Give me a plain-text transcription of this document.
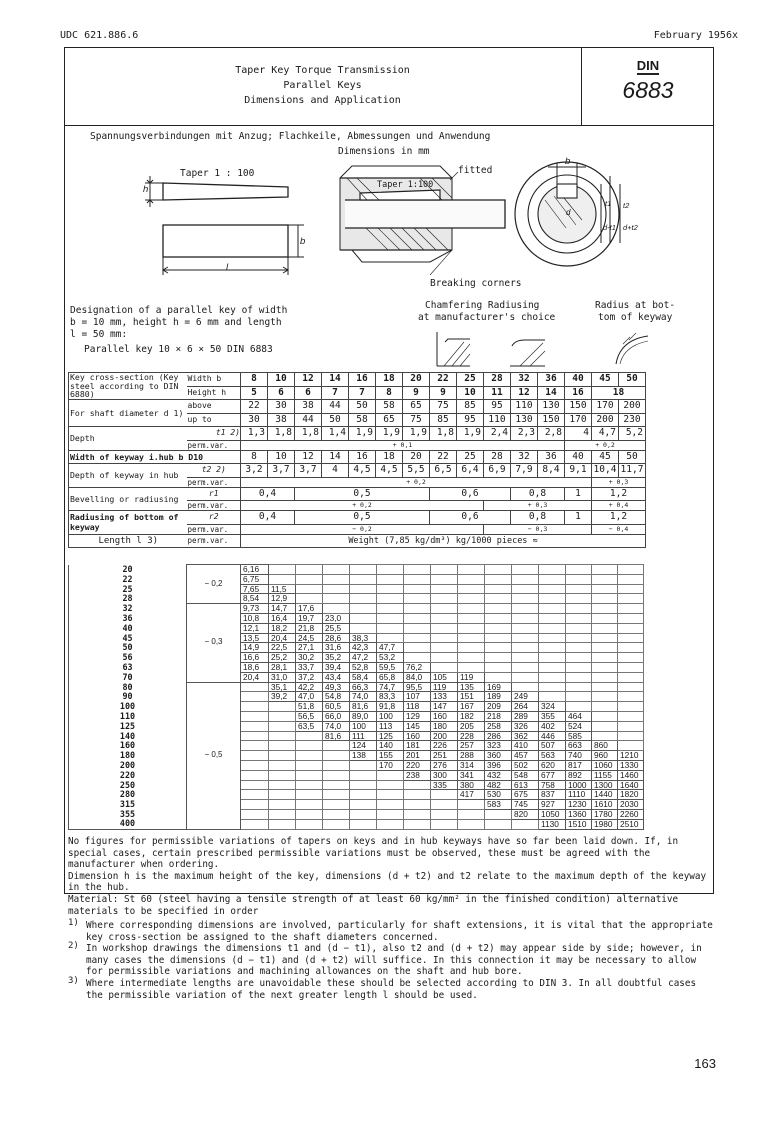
UDC 621.886.6	February 1956x
Taper Key Torque Transmission
Parallel Keys
Dimensions and Application
DIN
6883
Spannungsverbindungen mit Anzug; Flachkeile, Abmessungen und Anwendung
Dimensions in mm
Taper 1 : 100
Taper 1:100
fitted
Breaking corners
h
b
l
b
d
t1 t2
d-t1 d+t2
Chamfering Radiusing
at manufacturer's choice
Radius at bot-
tom of keyway
Designation of a parallel key of width
b = 10 mm, height h = 6 mm and length
l = 50 mm:
Parallel key 10 × 6 × 50 DIN 6883
Key cross-section (Key steel according to DIN 6880)	Width b	8	10	12	14	16	18	20	22	25	28	32	36	40	45	50
	Height h	5	6	6	7	7	8	9	9	10	11	12	14	16	18	
For shaft diameter d 1)	above	22	30	38	44	50	58	65	75	85	95	110	130	150	170	200
	up to	30	38	44	50	58	65	75	85	95	110	130	150	170	200	230
Depth	t1 2)	1,3	1,8	1,8	1,4	1,9	1,9	1,9	1,8	1,9	2,4	2,3	2,8	4	4,7	5,2
	perm.var.	+ 0,1												+ 0,2		
Width of keyway i.hub b D10		8	10	12	14	16	18	20	22	25	28	32	36	40	45	50
Depth of keyway in hub	t2 2)	3,2	3,7	3,7	4	4,5	4,5	5,5	6,5	6,4	6,9	7,9	8,4	9,1	10,4	11,7
	perm.var.	+ 0,2													+ 0,3	
Bevelling or radiusing	r1	0,4		0,5					0,6			0,8		1	1,2	
	perm.var.	+ 0,2									+ 0,3				+ 0,4	
Radiusing of bottom of keyway	r2	0,4		0,5					0,6			0,8		1	1,2	
	perm.var.	− 0,2									− 0,3				− 0,4	
Length l 3)	perm.var.	Weight (7,85 kg/dm³) kg/1000 pieces ≈														
20	− 0,2	6,16														
22		6,75														
25		7,65	11,5													
28		8,54	12,9													
32	− 0,3	9,73	14,7	17,6												
36		10,8	16,4	19,7	23,0											
40		12,1	18,2	21,8	25,5											
45		13,5	20,4	24,5	28,6	38,3										
50		14,9	22,5	27,1	31,6	42,3	47,7									
56		16,6	25,2	30,2	35,2	47,2	53,2									
63		18,6	28,1	33,7	39,4	52,8	59,5	76,2								
70		20,4	31,0	37,2	43,4	58,4	65,8	84,0	105	119						
80	− 0,5		35,1	42,2	49,3	66,3	74,7	95,5	119	135	169					
90			39,2	47,0	54,8	74,0	83,3	107	133	151	189	249				
100				51,8	60,5	81,6	91,8	118	147	167	209	264	324			
110				56,5	66,0	89,0	100	129	160	182	218	289	355	464		
125				63,5	74,0	100	113	145	180	205	258	326	402	524		
140					81,6	111	125	160	200	228	286	362	446	585		
160						124	140	181	226	257	323	410	507	663	860	
180						138	155	201	251	288	360	457	563	740	960	1210
200							170	220	276	314	396	502	620	817	1060	1330
220								238	300	341	432	548	677	892	1155	1460
250									335	380	482	613	758	1000	1300	1640
280										417	530	675	837	1110	1440	1820
315											583	745	927	1230	1610	2030
355												820	1050	1360	1780	2260
400													1130	1510	1980	2510

No figures for permissible variations of tapers on keys and in hub keyways have so far been laid down. If, in special cases, certain prescribed permissible variations must be observed, these must be agreed with the manufacturer when ordering.

Dimension h is the maximum height of the key, dimensions (d + t2) and t2 relate to the maximum depth of the keyway in the hub.

Material: St 60 (steel having a tensile strength of at least 60 kg/mm² in the finished condition) alternative materials to be specified in order

1) Where corresponding dimensions are involved, particularly for shaft extensions, it is vital that the appropriate key cross-section be assigned to the shaft diameters concerned.
2) In workshop drawings the dimensions t1 and (d − t1), also t2 and (d + t2) may appear side by side; however, in many cases the dimensions (d − t1) and (d + t2) will suffice. In this connection it may be necessary to allow for permissible variations and machining allowances on the shaft and hub bore.
3) Where intermediate lengths are unavoidable these should be selected according to DIN 3. In all doubtful cases the permissible variation of the next greater length l should be used.
163
